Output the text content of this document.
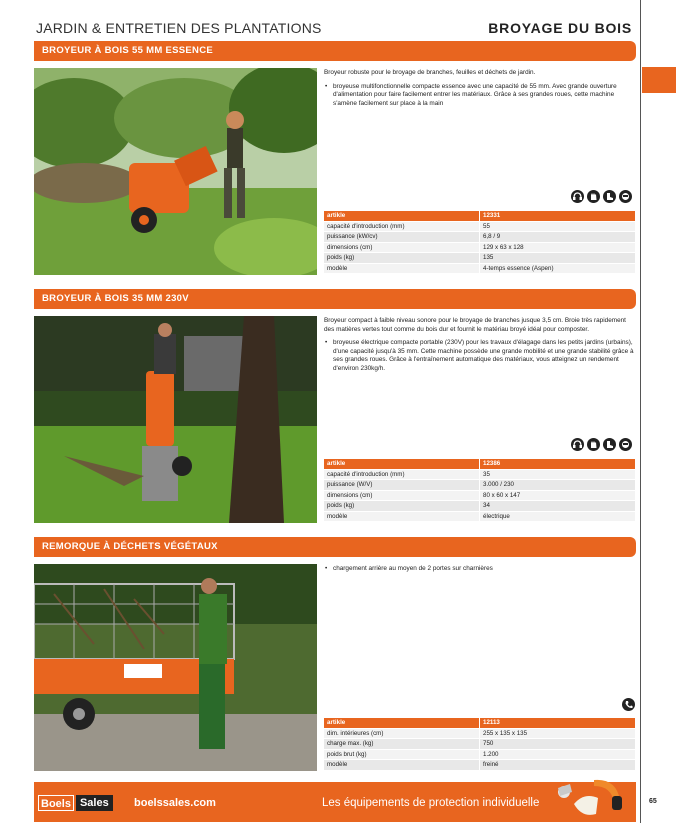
JARDIN & ENTRETIEN DES PLANTATIONS	BROYAGE DU BOIS
BROYEUR À BOIS 55 MM ESSENCE

Broyeur robuste pour le broyage de branches, feuilles et déchets de jardin.

• broyeuse multifonctionnelle compacte essence avec une capacité de 55 mm. Avec grande ouverture d'alimentation pour faire facilement entrer les matériaux. Grâce à ses grandes roues, cette machine s'amène facilement sur place à la main
artikle	12331
capacité d'introduction (mm)	55
puissance (kW/cv)	6,8 / 9
dimensions (cm)	129 x 63 x 128
poids (kg)	135
modèle	4-temps essence (Aspen)
BROYEUR À BOIS 35 MM 230V

Broyeur compact à faible niveau sonore pour le broyage de branches jusque 3,5 cm. Broie très rapidement des matières vertes tout comme du bois dur et fournit le matériau broyé idéal pour composter.

• broyeuse électrique compacte portable (230V) pour les travaux d'élagage dans les petits jardins (urbains), d'une capacité jusqu'à 35 mm. Cette machine possède une grande mobilité et une grande stabilité grâce à ses grandes roues. Grâce à l'entraînement automatique des matériaux, vous atteignez un rendement d'environ 230kg/h.
artikle	12386
capacité d'introduction (mm)	35
puissance (W/V)	3.000 / 230
dimensions (cm)	80 x 60 x 147
poids (kg)	34
modèle	électrique
REMORQUE À DÉCHETS VÉGÉTAUX
• chargement arrière au moyen de 2 portes sur charnières
artikle	12113
dim. intérieures (cm)	255 x 135 x 135
charge max. (kg)	750
poids brut (kg)	1.200
modèle	freiné
Boels Sales	boelssales.com	Les équipements de protection individuelle	65
